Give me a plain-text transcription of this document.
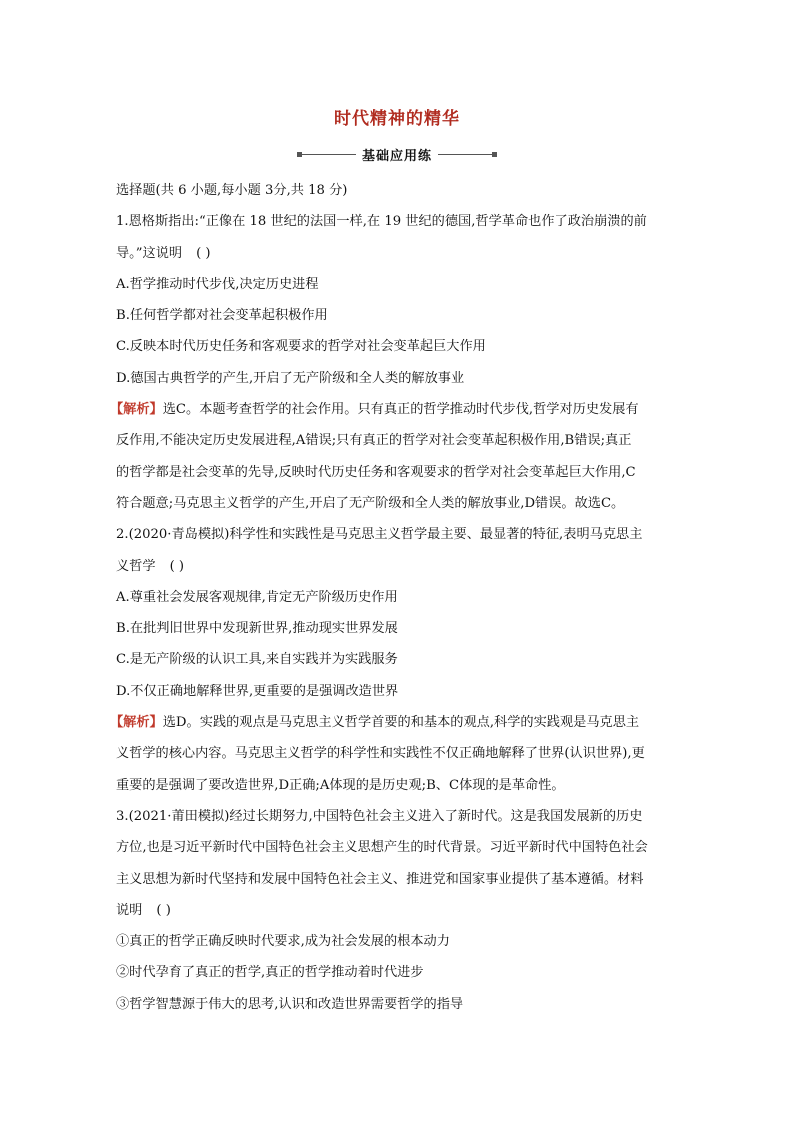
时代精神的精华
基础应用练

选择题(共 6 小题,每小题 3分,共 18 分)

1.恩格斯指出:“正像在 18 世纪的法国一样,在 19 世纪的德国,哲学革命也作了政治崩溃的前

导。”这说明 ( )

A.哲学推动时代步伐,决定历史进程

B.任何哲学都对社会变革起积极作用

C.反映本时代历史任务和客观要求的哲学对社会变革起巨大作用

D.德国古典哲学的产生,开启了无产阶级和全人类的解放事业

【解析】选C。本题考查哲学的社会作用。只有真正的哲学推动时代步伐,哲学对历史发展有

反作用,不能决定历史发展进程,A错误;只有真正的哲学对社会变革起积极作用,B错误;真正

的哲学都是社会变革的先导,反映时代历史任务和客观要求的哲学对社会变革起巨大作用,C

符合题意;马克思主义哲学的产生,开启了无产阶级和全人类的解放事业,D错误。故选C。

2.(2020·青岛模拟)科学性和实践性是马克思主义哲学最主要、最显著的特征,表明马克思主

义哲学 ( )

A.尊重社会发展客观规律,肯定无产阶级历史作用

B.在批判旧世界中发现新世界,推动现实世界发展

C.是无产阶级的认识工具,来自实践并为实践服务

D.不仅正确地解释世界,更重要的是强调改造世界

【解析】选D。实践的观点是马克思主义哲学首要的和基本的观点,科学的实践观是马克思主

义哲学的核心内容。马克思主义哲学的科学性和实践性不仅正确地解释了世界(认识世界),更

重要的是强调了要改造世界,D正确;A体现的是历史观;B、C体现的是革命性。

3.(2021·莆田模拟)经过长期努力,中国特色社会主义进入了新时代。这是我国发展新的历史

方位,也是习近平新时代中国特色社会主义思想产生的时代背景。习近平新时代中国特色社会

主义思想为新时代坚持和发展中国特色社会主义、推进党和国家事业提供了基本遵循。材料

说明 ( )

①真正的哲学正确反映时代要求,成为社会发展的根本动力

②时代孕育了真正的哲学,真正的哲学推动着时代进步

③哲学智慧源于伟大的思考,认识和改造世界需要哲学的指导
